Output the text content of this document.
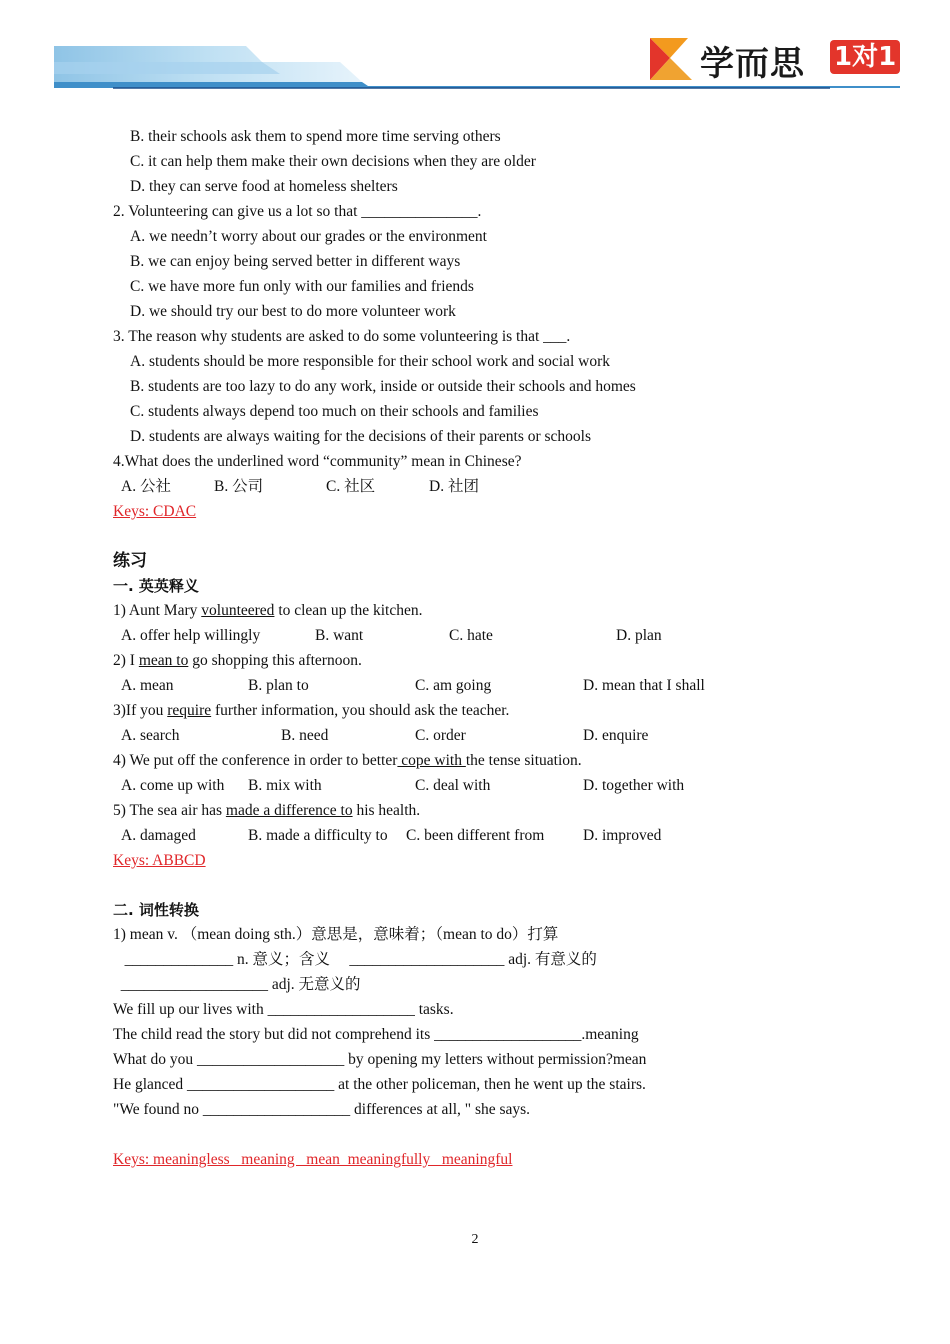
学而思 1对1
B. their schools ask them to spend more time serving others
C. it can help them make their own decisions when they are older
D. they can serve food at homeless shelters
2. Volunteering can give us a lot so that _______________.
A. we needn’t worry about our grades or the environment
B. we can enjoy being served better in different ways
C. we have more fun only with our families and friends
D. we should try our best to do more volunteer work
3. The reason why students are asked to do some volunteering is that ___.
A. students should be more responsible for their school work and social work
B. students are too lazy to do any work, inside or outside their schools and homes
C. students always depend too much on their schools and families
D. students are always waiting for the decisions of their parents or schools
4.What does the underlined word “community” mean in Chinese?
A. 公社	B. 公司	C. 社区	D. 社团
Keys: CDAC
练习
一. 英英释义
1) Aunt Mary volunteered to clean up the kitchen.
A. offer help willingly	B. want	C. hate	D. plan
2) I mean to go shopping this afternoon.
A. mean	B. plan to	C. am going	D. mean that I shall
3)If you require further information, you should ask the teacher.
A. search	B. need	C. order	D. enquire
4) We put off the conference in order to better cope with the tense situation.
A. come up with B. mix with	C. deal with	D. together with
5) The sea air has made a difference to his health.
A. damaged	B. made a difficulty to C. been different from D. improved
Keys: ABBCD
二. 词性转换
1) mean v. （mean doing sth.）意思是，意味着；（mean to do）打算
______________ n. 意义；含义     ____________________ adj. 有意义的
___________________ adj. 无意义的
We fill up our lives with ___________________ tasks.
The child read the story but did not comprehend its ___________________.meaning
What do you ___________________ by opening my letters without permission?mean
He glanced ___________________ at the other policeman, then he went up the stairs.
"We found no ___________________ differences at all, " she says.
Keys: meaningless   meaning   mean  meaningfully   meaningful
2
